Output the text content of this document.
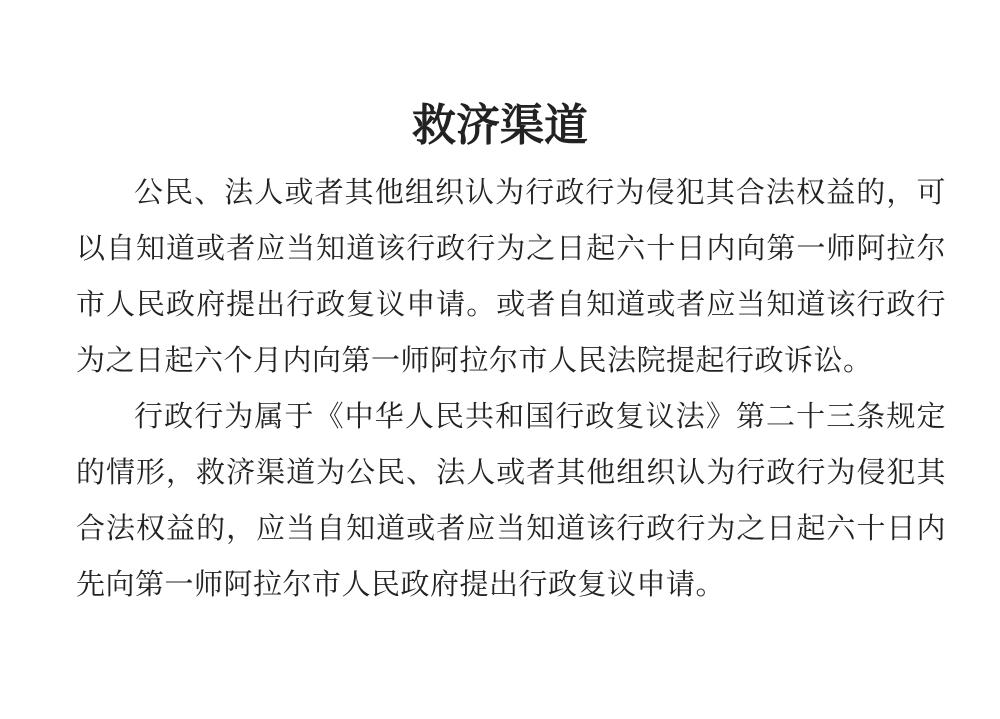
救济渠道

公民、法人或者其他组织认为行政行为侵犯其合法权益的，可以自知道或者应当知道该行政行为之日起六十日内向第一师阿拉尔市人民政府提出行政复议申请。或者自知道或者应当知道该行政行为之日起六个月内向第一师阿拉尔市人民法院提起行政诉讼。

行政行为属于《中华人民共和国行政复议法》第二十三条规定的情形，救济渠道为公民、法人或者其他组织认为行政行为侵犯其合法权益的，应当自知道或者应当知道该行政行为之日起六十日内先向第一师阿拉尔市人民政府提出行政复议申请。
